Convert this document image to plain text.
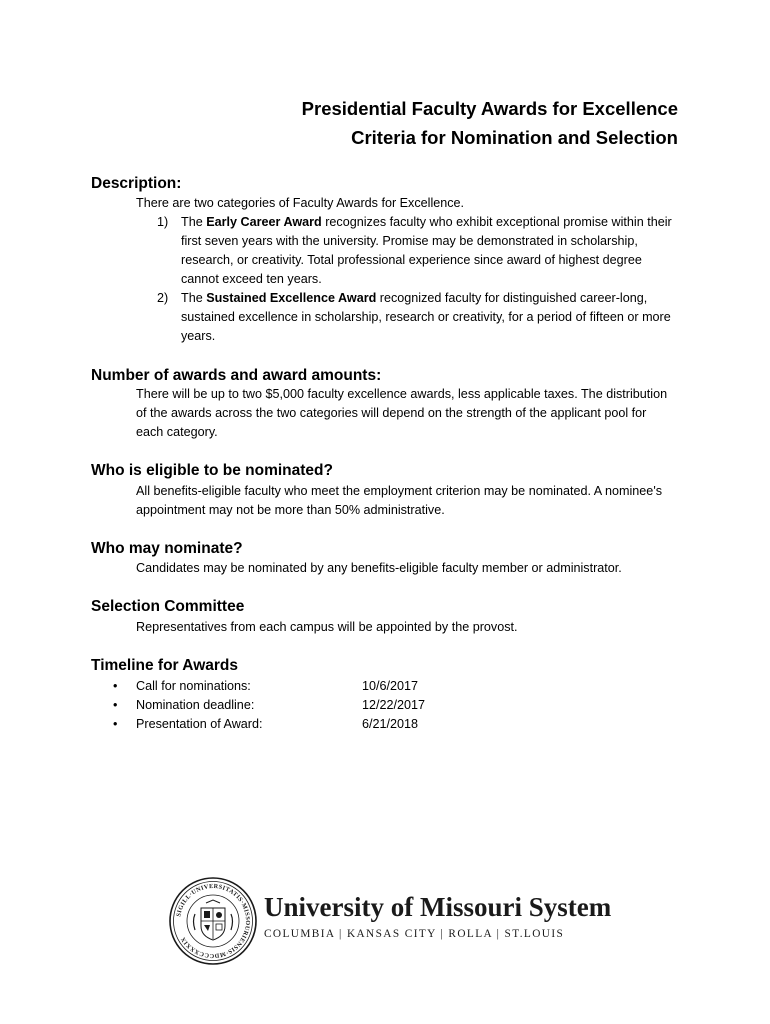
Presidential Faculty Awards for Excellence
Criteria for Nomination and Selection
Description:
There are two categories of Faculty Awards for Excellence.
1) The Early Career Award recognizes faculty who exhibit exceptional promise within their first seven years with the university. Promise may be demonstrated in scholarship, research, or creativity. Total professional experience since award of highest degree cannot exceed ten years.
2) The Sustained Excellence Award recognized faculty for distinguished career-long, sustained excellence in scholarship, research or creativity, for a period of fifteen or more years.
Number of awards and award amounts:
There will be up to two $5,000 faculty excellence awards, less applicable taxes. The distribution of the awards across the two categories will depend on the strength of the applicant pool for each category.
Who is eligible to be nominated?
All benefits-eligible faculty who meet the employment criterion may be nominated. A nominee's appointment may not be more than 50% administrative.
Who may nominate?
Candidates may be nominated by any benefits-eligible faculty member or administrator.
Selection Committee
Representatives from each campus will be appointed by the provost.
Timeline for Awards
• Call for nominations:	10/6/2017
• Nomination deadline:	12/22/2017
• Presentation of Award:	6/21/2018
SIGILL·UNIVERSITATIS·MISSOURIENSIS·MDCCCXXXIX
University of Missouri System
COLUMBIA | KANSAS CITY | ROLLA | ST.LOUIS
